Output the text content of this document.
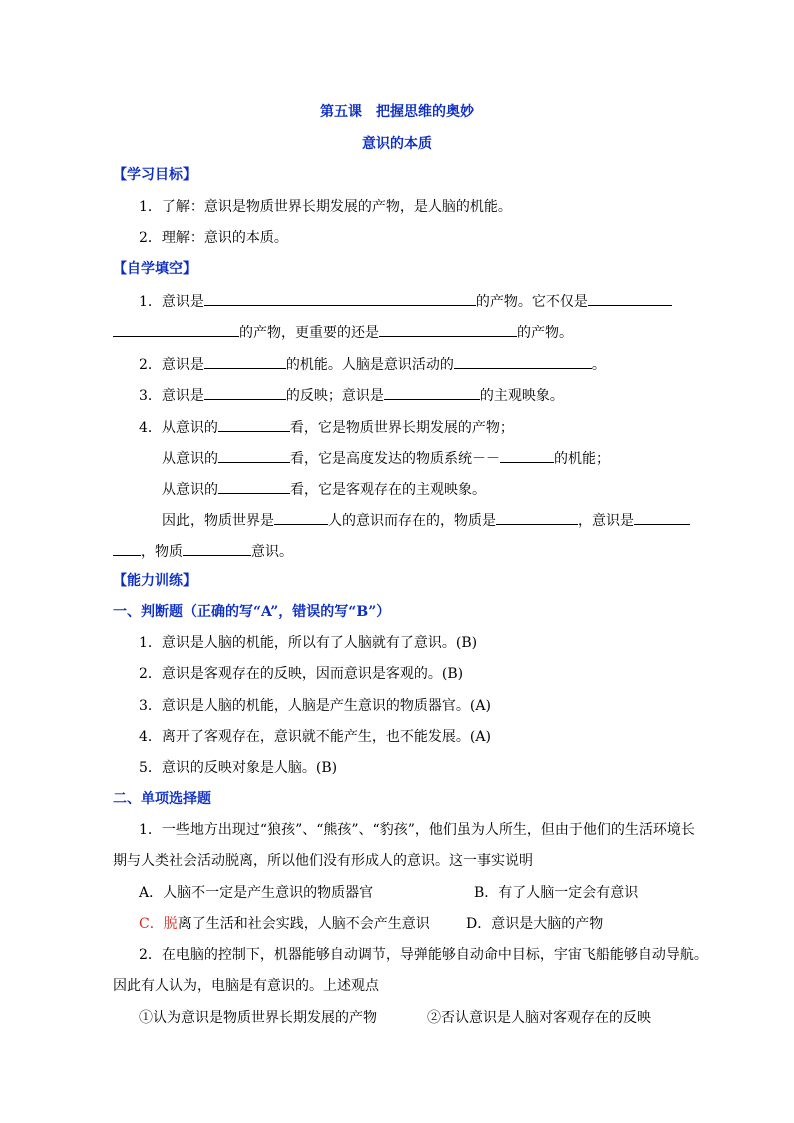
第五课　把握思维的奥妙
意识的本质
【学习目标】
1．了解：意识是物质世界长期发展的产物，是人脑的机能。
2．理解：意识的本质。
【自学填空】
1．意识是	的产物。它不仅是
的产物，更重要的还是	的产物。
2．意识是	的机能。人脑是意识活动的	。
3．意识是	的反映；意识是	的主观映象。
4．从意识的	看，它是物质世界长期发展的产物；
从意识的	看，它是高度发达的物质系统－－	的机能；
从意识的	看，它是客观存在的主观映象。
因此，物质世界是	人的意识而存在的，物质是	，意识是
，物质	意识。
【能力训练】
一、判断题（正确的写“A”，错误的写“B”）
1．意识是人脑的机能，所以有了人脑就有了意识。(B)
2．意识是客观存在的反映，因而意识是客观的。(B)
3．意识是人脑的机能，人脑是产生意识的物质器官。(A)
4．离开了客观存在，意识就不能产生，也不能发展。(A)
5．意识的反映对象是人脑。(B)
二、单项选择题
1．一些地方出现过“狼孩”、“熊孩”、“豹孩”，他们虽为人所生，但由于他们的生活环境长
期与人类社会活动脱离，所以他们没有形成人的意识。这一事实说明
A．人脑不一定是产生意识的物质器官	B．有了人脑一定会有意识
C．脱离了生活和社会实践，人脑不会产生意识	D．意识是大脑的产物
2．在电脑的控制下，机器能够自动调节，导弹能够自动命中目标，宇宙飞船能够自动导航。
因此有人认为，电脑是有意识的。上述观点
①认为意识是物质世界长期发展的产物	②否认意识是人脑对客观存在的反映
